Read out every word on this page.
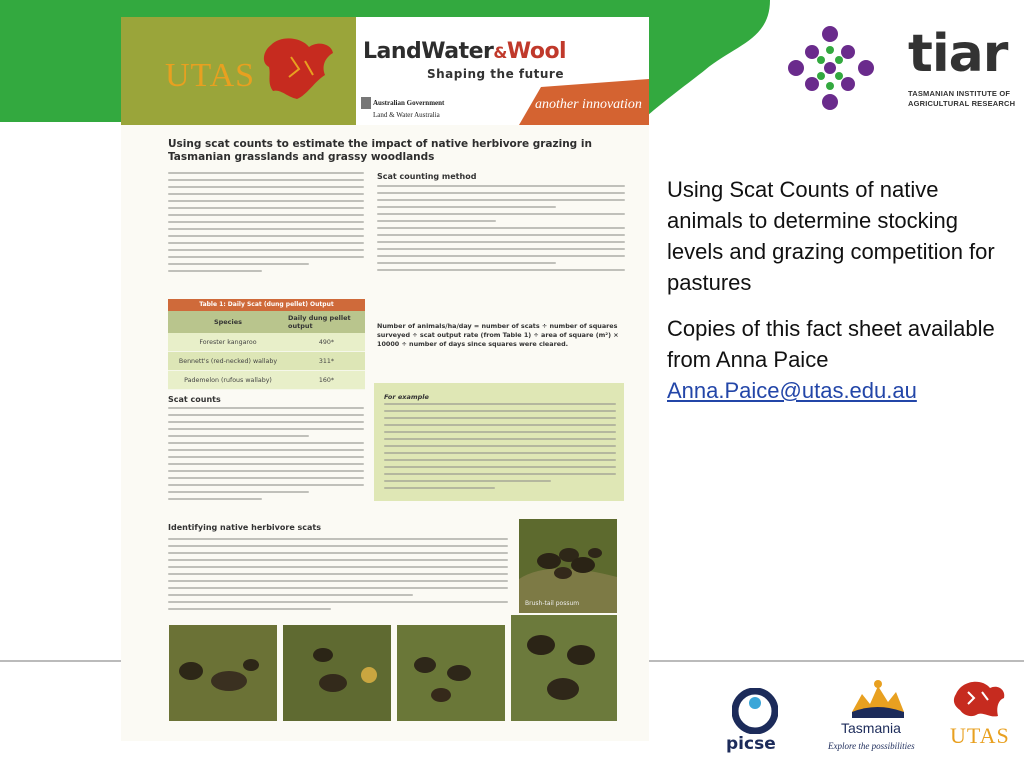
UTAS
LandWater&Wool
Shaping the future
Australian Government
Land & Water Australia
another innovation
Using scat counts to estimate the impact of native herbivore grazing in Tasmanian grasslands and grassy woodlands
Scat counting method

Number of animals/ha/day = number of scats ÷ number of squares surveyed ÷ scat output rate (from Table 1) ÷ area of square (m²) × 10000 ÷ number of days since squares were cleared.

Table 1: Daily Scat (dung pellet) Output
Species	Daily dung pellet output
Forester kangaroo	490*
Bennett's (red-necked) wallaby	311*
Pademelon (rufous wallaby)	160*
Scat counts	For example
Identifying native herbivore scats
Brush-tail possum

Using Scat Counts of native animals to determine stocking levels and grazing competition for pastures

Copies of this fact sheet available from Anna Paice
Anna.Paice@utas.edu.au

tiar
TASMANIAN INSTITUTE OF
AGRICULTURAL RESEARCH
picse
Tasmania
Explore the possibilities UTAS
